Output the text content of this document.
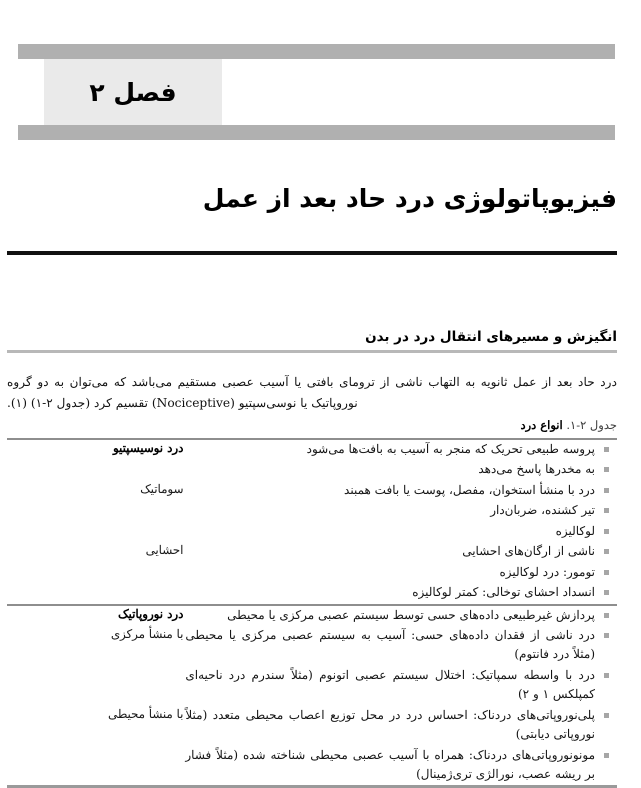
فصل ۲
فیزیوپاتولوژی درد حاد بعد از عمل
انگیزش و مسیرهای انتقال درد در بدن

درد حاد بعد از عمل ثانویه به التهاب ناشی از ترومای بافتی یا آسیب عصبی مستقیم می‌باشد که می‌توان به دو گروه نوروپاتیک یا نوسی‌سپتیو (Nociceptive) تقسیم کرد (جدول ۲-۱) (۱).

جدول ۲-۱. انواع درد
پروسه طبیعی تحریک که منجر به آسیب به بافت‌ها می‌شود
به مخدرها پاسخ می‌دهد	درد نوسیسپتیو

درد با منشأ استخوان، مفصل، پوست یا بافت همبند
تیر کشنده، ضربان‌دار
لوکالیزه	سوماتیک

ناشی از ارگان‌های احشایی
تومور: درد لوکالیزه
انسداد احشای توخالی: کمتر لوکالیزه	احشایی

پردازش غیرطبیعی داده‌های حسی توسط سیستم عصبی مرکزی یا محیطی	درد نوروپاتیک

درد ناشی از فقدان داده‌های حسی: آسیب به سیستم عصبی مرکزی یا محیطی (مثلاً درد فانتوم)
درد با واسطه سمپاتیک: اختلال سیستم عصبی اتونوم (مثلاً سندرم درد ناحیه‌ای کمپلکس ۱ و ۲)	با منشأ مرکزی

پلی‌نوروپاتی‌های دردناک: احساس درد در محل توزیع اعصاب محیطی متعدد (مثلاً نوروپاتی دیابتی)
مونونوروپاتی‌های دردناک: همراه با آسیب عصبی محیطی شناخته شده (مثلاً فشار بر ریشه عصب، نورالژی تری‌ژمینال)	با منشأ محیطی
